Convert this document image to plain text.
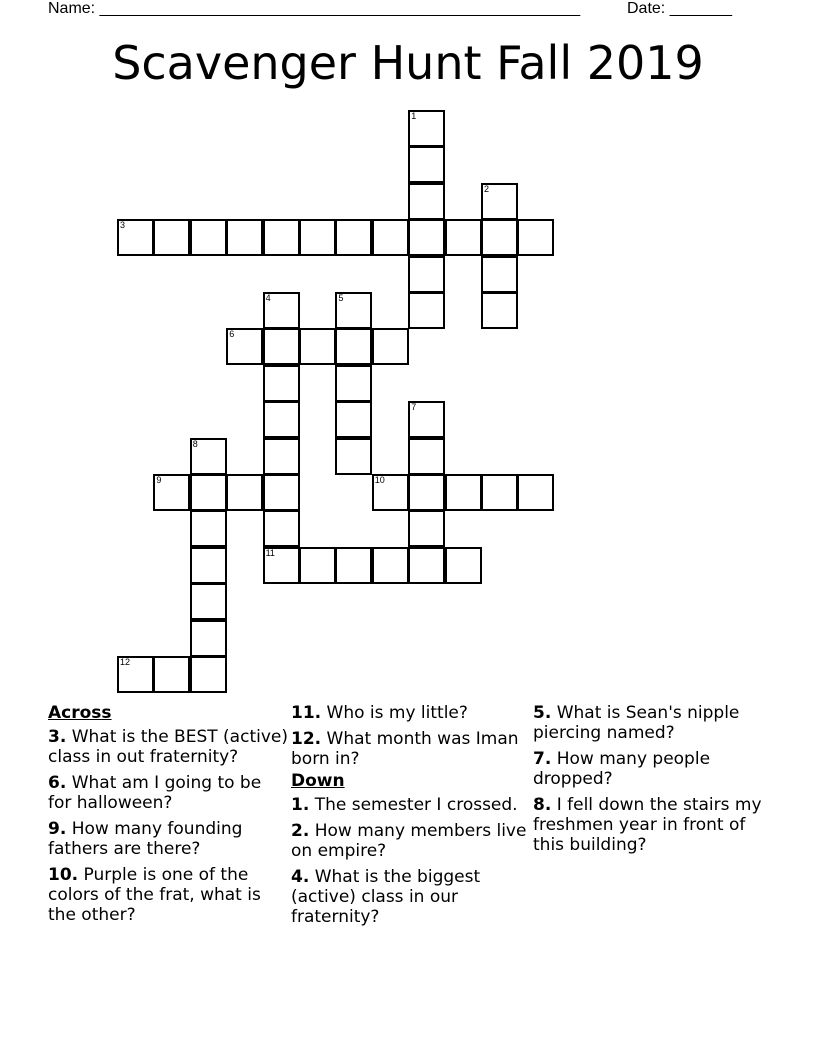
Name: ______________________________________________________	Date: _______
Scavenger Hunt Fall 2019
3
6
9	10
11
12
1
2
4	5
7
8
Across
3. What is the BEST (active) class in out fraternity?
6. What am I going to be for halloween?
9. How many founding fathers are there?
10. Purple is one of the colors of the frat, what is the other?
11. Who is my little?
12. What month was Iman born in?
Down
1. The semester I crossed.
2. How many members live on empire?
4. What is the biggest (active) class in our fraternity?
5. What is Sean's nipple piercing named?
7. How many people dropped?
8. I fell down the stairs my freshmen year in front of this building?
